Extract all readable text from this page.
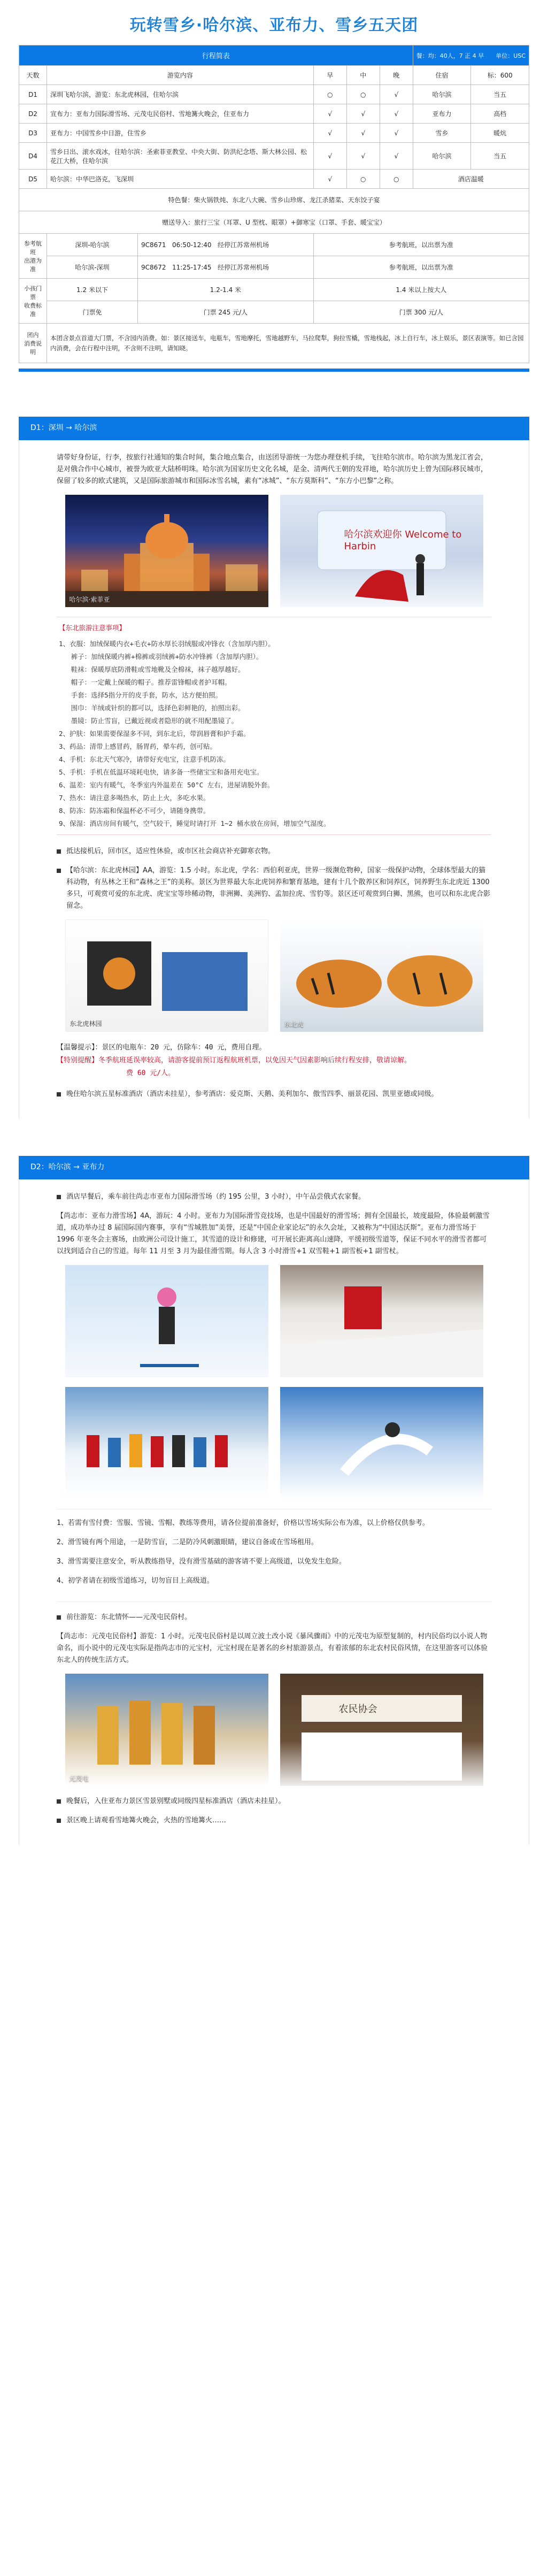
玩转雪乡·哈尔滨、亚布力、雪乡五天团
行程简表						餐：均：40人，7 正 4 早　　单位：USC	
天数	游览内容		早	中	晚	住宿	标：600
D1	深圳飞哈尔滨，游览：东北虎林园，住哈尔滨		○	○	√	哈尔滨	当五
D2	宣布力：亚布力国际滑雪场、元茂屯民俗村、雪地篝火晚会，住亚布力		√	√	√	亚布力	高档
D3	亚布力：中国雪乡中日游，住雪乡		√	√	√	雪乡	暖炕
D4	雪乡日出、滚水戏冰，往哈尔滨：圣索菲亚教堂、中央大街、防洪纪念塔、斯大林公园、松花江大桥，住哈尔滨		√	√	√	哈尔滨	当五
D5	哈尔滨：中华巴洛克，飞深圳		√	○	○	酒店温暖	
特色餐：柴火锅铁炖、东北八大碗、雪乡山珍席、龙江杀猪菜、天东饺子宴							
赠送导入：旅行三宝（耳罩、U 型枕、眼罩）+御寒宝（口罩、手套、暖宝宝）							
参考航班
出港为准	深圳-哈尔滨	9C8671 06:50-12:40 经停江苏常州机场	参考航班，以出票为准				
	哈尔滨-深圳	9C8672 11:25-17:45 经停江苏常州机场	参考航班，以出票为准				
小孩门票
收费标准	1.2 米以下	1.2-1.4 米	1.4 米以上按大人				
	门票免	门票 245 元/人	门票 300 元/人				
团内
消费说明	本团含景点首道大门票，不含园内消费。如：景区接送车，电瓶车，雪地摩托，雪地越野车，马拉爬犁，狗拉雪橇，雪地栈起，冰上自行车，冰上娱乐，景区表演等。如已含园内消费，会在行程中注明，不含则不注明，请知晓。						
D1：深圳 → 哈尔滨

请带好身份证，行李，按旅行社通知的集合时间，集合地点集合，由送团导游统一为您办理登机手续，飞往哈尔滨市。哈尔滨为黑龙江省会，是对俄合作中心城市，被誉为欧亚大陆桥明珠。哈尔滨为国家历史文化名城，是金、清两代王朝的发祥地，哈尔滨历史上曾为国际移民城市，保留了较多的欧式建筑，又是国际旅游城市和国际冰雪名城，素有“冰城”、“东方莫斯科”、“东方小巴黎”之称。

哈尔滨·索菲亚
哈尔滨欢迎你 Welcome to Harbin
【东北旅游注意事项】
1、衣服：加绒保暖内衣+毛衣+防水厚长羽绒服或冲锋衣（含加厚内胆）。
裤子：加绒保暖内裤+棉裤或羽绒裤+防水冲锋裤（含加厚内胆）。
鞋袜：保暖厚底防滑鞋或雪地靴及全棉袜，袜子越厚越好。
帽子：一定戴上保暖的帽子。推荐雷锋帽或者护耳帽。
手套：选择5指分开的皮手套，防水，达方便拍照。
围巾：羊绒或针织的都可以，选择色彩鲜艳的，拍照出彩。
墨镜：防止雪盲，已戴近视或者隐形的就不用配墨镜了。
2、护肤：如果需要保湿多不同，到东北后，带润唇膏和护手霜。
3、药品：清带上感冒药，肠胃药，晕车药，创可贴。
4、手机：东北天气寒冷，请带好充电宝，注意手机防冻。
5、手机：手机在低温环境耗电快，请多备一些储宝宝和备用充电宝。
6、温差：室内有暖气，冬季室内外温差在 50°C 左右，进屋请脱外套。
7、热水：请注意多喝热水，防止上火，多吃水果。
8、防冻：防冻霜和保温杯必不可少，请随身携带。
9、保湿：酒店房间有暖气，空气较干，睡觉时请打开 1~2 桶水放在房间，增加空气湿度。

抵达接机后，回市区，适应性休验，或市区社会商店补充御寒衣物。

【哈尔滨：东北虎林园】AA，游览：1.5 小时。东北虎，学名：西伯利亚虎，世界一级濒危物种，国家一级保护动物，全球体型最大的猫科动物，有丛林之王和“森林之王”的美称。景区为世界最大东北虎饲养和繁育基地，建有十几个散养区和饲养区，饲养野生东北虎近 1300 多只，可观赏可爱的东北虎、虎宝宝等珍稀动物，非洲狮、美洲豹、孟加拉虎、雪豹等。景区还可观赏到白狮、黑熊，也可以和东北虎合影留念。

东北虎林园	东北虎
【温馨提示】：景区的电瓶车：20 元，仿除车：40 元，费用自理。
【特别提醒】冬季航班延误率较高，请游客提前预订返程航班机票，以免因天气因素影响后续行程安排，敬请谅解。
费 60 元/人。

晚住哈尔滨五星标准酒店（酒店未挂星），参考酒店：爱克斯、天鹅、美利加尔、傲雪四季、丽景花园、凯里亚德或同级。

D2：哈尔滨 → 亚布力

酒店早餐后，乘车前往尚志市亚布力国际滑雪场（约 195 公里，3 小时），中午品尝俄式农家餐。

【尚志市：亚布力滑雪场】4A，游玩：4 小时。亚布力为国际滑雪竞技场，也是中国最好的滑雪场；拥有全国最长，坡度最险，体验最刺激雪道，成功举办过 8 届国际国内赛事，享有“雪城胜加”美誉，还是“中国企业家论坛”的永久会址，又被称为“中国达沃斯”。亚布力滑雪场于 1996 年亚冬会主赛场，由欧洲公司设计施工，其雪道的设计和修建，可开展长距离高山速降，平缓初级雪道等，保证不同水平的滑雪者都可以找到适合自己的雪道。每年 11 月至 3 月为最佳滑雪期。每人含 3 小时滑雪+1 双雪鞋+1 副雪板+1 副雪杖。

1、若需有雪付费：雪服、雪镜、雪帽、教练等费用，请各位提前准备好，价格以雪场实际公布为准，以上价格仅供参考。
2、滑雪镜有两个用途，一是防雪盲，二是防冷风刺激眼睛，建议自备或在雪场租用。
3、滑雪需要注意安全，听从教练指导，没有滑雪基础的游客请不要上高级道，以免发生危险。
4、初学者请在初级雪道练习，切勿盲目上高级道。

前往游览：东北情怀——元茂屯民俗村。

【尚志市：元茂屯民俗村】游览：1 小时。元茂屯民俗村是以周立波土改小说《暴风骤雨》中的元茂屯为原型复制的，村内民俗均以小说人物命名，而小说中的元茂屯实际是指尚志市的元宝村，元宝村现在是著名的乡村旅游景点，有着浓郁的东北农村民俗风情，在这里游客可以体验东北人的传统生活方式。

元茂屯
农民协会

晚餐后，入住亚布力景区雪景别墅或同级四星标准酒店（酒店未挂星）。

景区晚上请观看雪地篝火晚会，火热的雪地篝火……
